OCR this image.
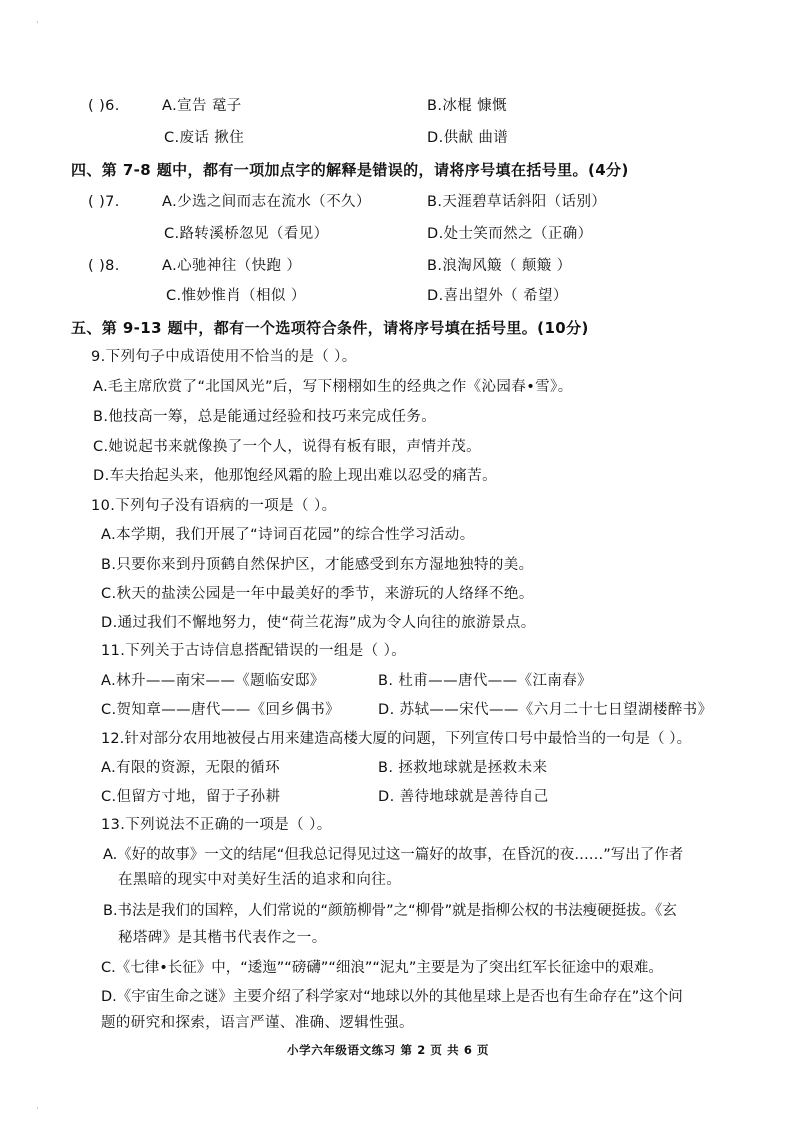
( )6.	A.宣告 鼋子	B.冰棍 慷慨
C.废话 揪住	D.供献 曲谱
四、第 7-8 题中，都有一项加点字的解释是错误的，请将序号填在括号里。(4分)
( )7.	A.少选之间而志在流水（不久）	B.天涯碧草话斜阳（话别）
C.路转溪桥忽见（看见）	D.处士笑而然之（正确）
( )8.	A.心驰神往（快跑 ）	B.浪淘风簸（ 颠簸 ）
C.惟妙惟肖（相似 ）	D.喜出望外（ 希望）
五、第 9-13 题中，都有一个选项符合条件，请将序号填在括号里。(10分)
9.下列句子中成语使用不恰当的是（ ）。
A.毛主席欣赏了“北国风光”后，写下栩栩如生的经典之作《沁园春•雪》。
B.他技高一筹，总是能通过经验和技巧来完成任务。
C.她说起书来就像换了一个人，说得有板有眼，声情并茂。
D.车夫抬起头来，他那饱经风霜的脸上现出难以忍受的痛苦。
10.下列句子没有语病的一项是（ ）。
A.本学期，我们开展了“诗词百花园”的综合性学习活动。
B.只要你来到丹顶鹤自然保护区，才能感受到东方湿地独特的美。
C.秋天的盐渎公园是一年中最美好的季节，来游玩的人络绎不绝。
D.通过我们不懈地努力，使“荷兰花海”成为令人向往的旅游景点。
11.下列关于古诗信息搭配错误的一组是（ ）。
A.林升——南宋——《题临安邸》	B. 杜甫——唐代——《江南春》
C.贺知章——唐代——《回乡偶书》	D. 苏轼——宋代——《六月二十七日望湖楼醉书》
12.针对部分农用地被侵占用来建造高楼大厦的问题，下列宣传口号中最恰当的一句是（ ）。
A.有限的资源，无限的循环	B. 拯救地球就是拯救未来
C.但留方寸地，留于子孙耕	D. 善待地球就是善待自己
13.下列说法不正确的一项是（ ）。
A.《好的故事》一文的结尾“但我总记得见过这一篇好的故事，在昏沉的夜……”写出了作者
在黑暗的现实中对美好生活的追求和向往。
B.书法是我们的国粹，人们常说的“颜筋柳骨”之“柳骨”就是指柳公权的书法瘦硬挺拔。《玄
秘塔碑》是其楷书代表作之一。
C.《七律•长征》中，“逶迤”“磅礴”“细浪”“泥丸”主要是为了突出红军长征途中的艰难。
D.《宇宙生命之谜》主要介绍了科学家对“地球以外的其他星球上是否也有生命存在”这个问
题的研究和探索，语言严谨、准确、逻辑性强。
小学六年级语文练习 第 2 页 共 6 页
·
·
